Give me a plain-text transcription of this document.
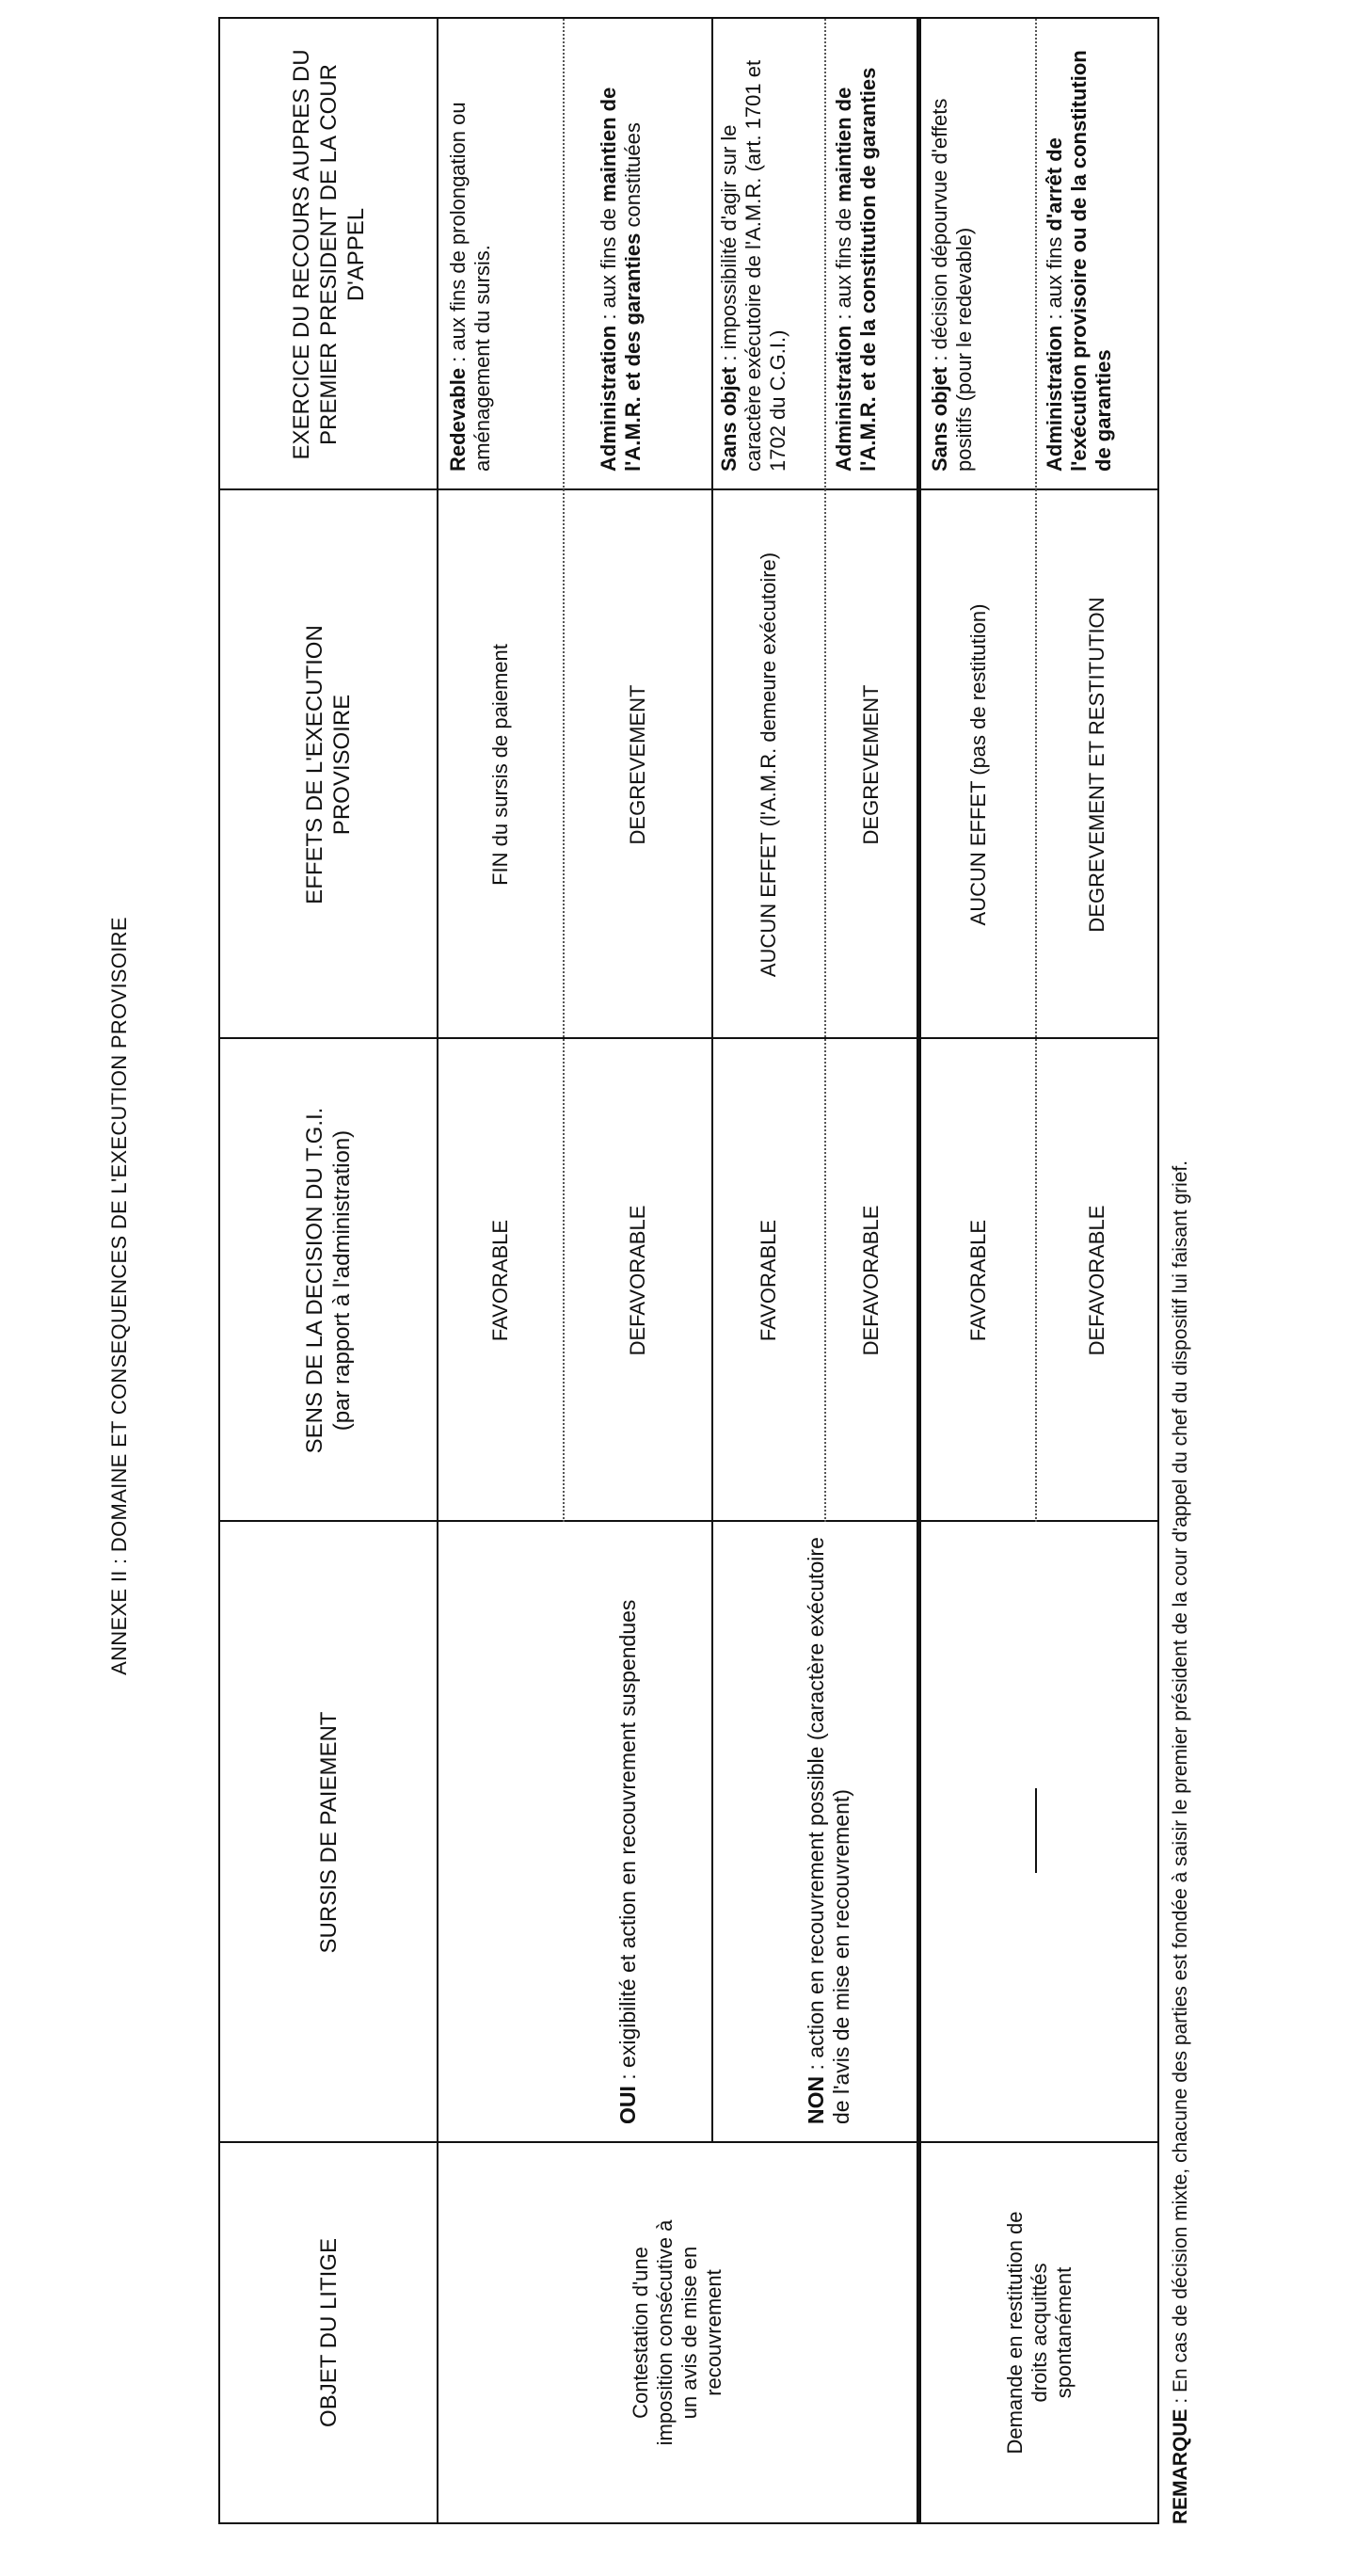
ANNEXE II : DOMAINE ET CONSEQUENCES DE L'EXECUTION PROVISOIRE
OBJET DU LITIGE
SURSIS DE PAIEMENT
SENS DE LA DECISION DU T.G.I. (par rapport à l'administration)
EFFETS DE L'EXECUTION PROVISOIRE
EXERCICE DU RECOURS AUPRES DU PREMIER PRESIDENT DE LA COUR D'APPEL
Contestation d'une imposition consécutive à un avis de mise en recouvrement
OUI : exigibilité et action en recouvrement suspendues
NON : action en recouvrement possible (caractère exécutoire de l'avis de mise en recouvrement)
FAVORABLE
FIN du sursis de paiement
Redevable : aux fins de prolongation ou aménagement du sursis.
DEFAVORABLE
DEGREVEMENT
Administration : aux fins de maintien de l'A.M.R. et des garanties constituées
FAVORABLE
AUCUN EFFET (l'A.M.R. demeure exécutoire)
Sans objet : impossibilité d'agir sur le caractère exécutoire de l'A.M.R. (art. 1701 et 1702 du C.G.I.)
DEFAVORABLE
DEGREVEMENT
Administration : aux fins de maintien de l'A.M.R. et de la constitution de garanties
Demande en restitution de droits acquittés spontanément
FAVORABLE
AUCUN EFFET (pas de restitution)
Sans objet : décision dépourvue d'effets positifs (pour le redevable)
DEFAVORABLE
DEGREVEMENT ET RESTITUTION
Administration : aux fins d'arrêt de l'exécution provisoire ou de la constitution de garanties
REMARQUE : En cas de décision mixte, chacune des parties est fondée à saisir le premier président de la cour d'appel du chef du dispositif lui faisant grief.
